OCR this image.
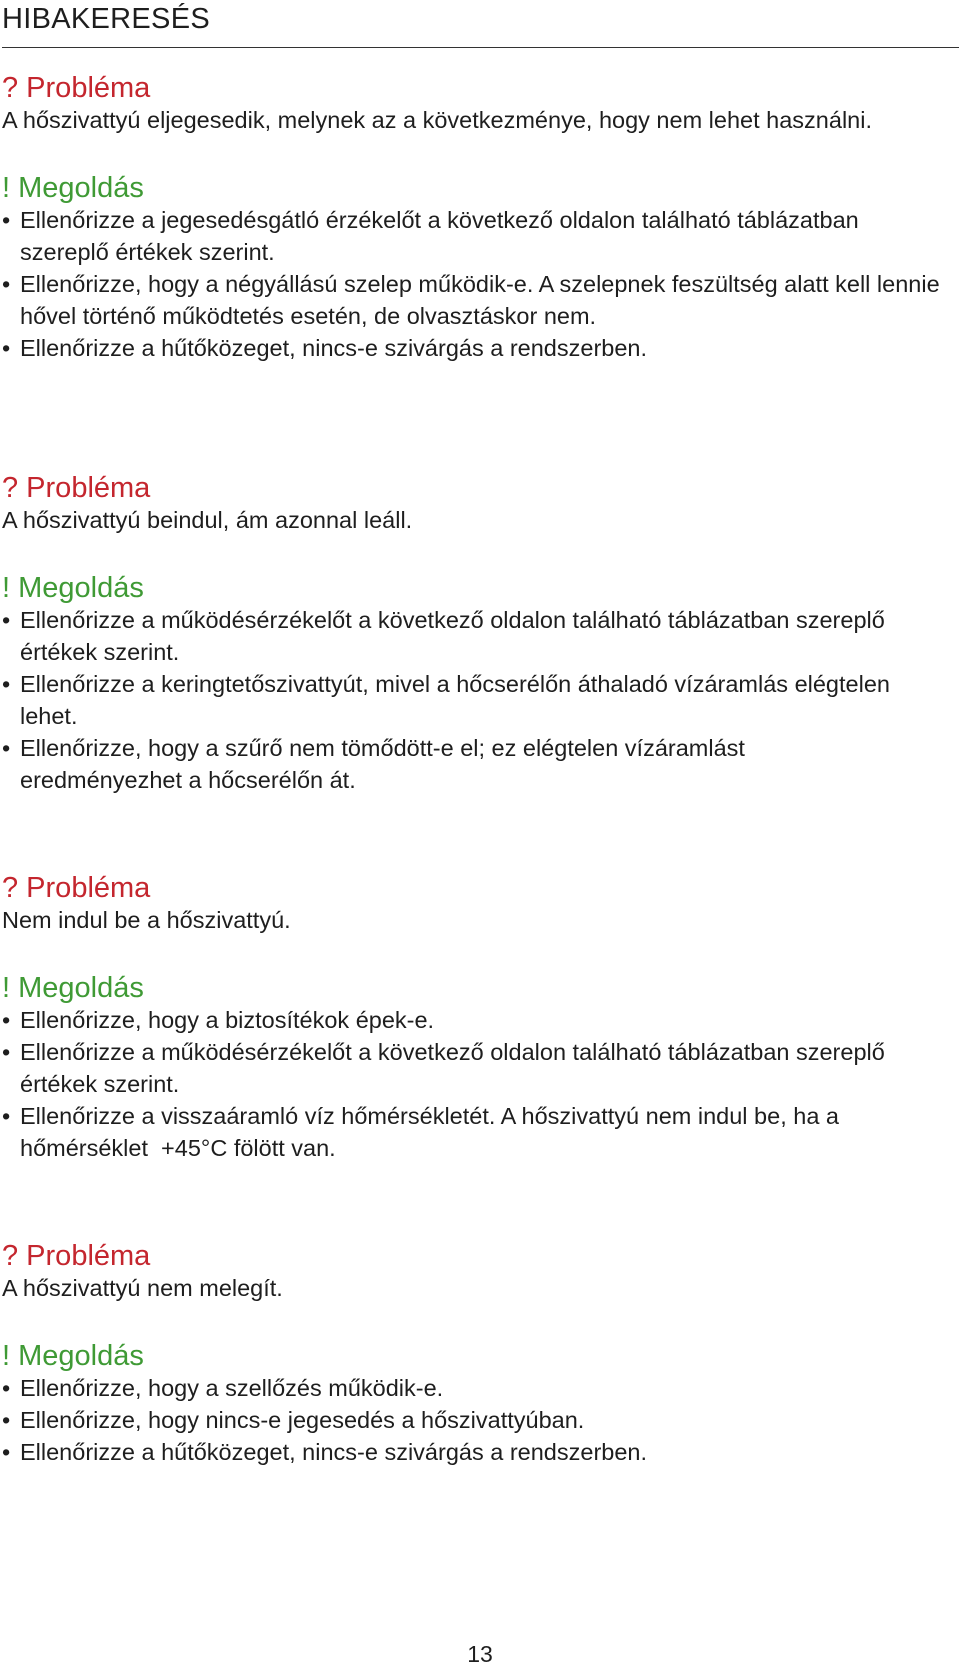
HIBAKERESÉS
? Probléma
A hőszivattyú eljegesedik, melynek az a következménye, hogy nem lehet használni.
! Megoldás
• Ellenőrizze a jegesedésgátló érzékelőt a következő oldalon található táblázatban szereplő értékek szerint.
• Ellenőrizze, hogy a négyállású szelep működik-e. A szelepnek feszültség alatt kell lennie hővel történő működtetés esetén, de olvasztáskor nem.
• Ellenőrizze a hűtőközeget, nincs-e szivárgás a rendszerben.
? Probléma
A hőszivattyú beindul, ám azonnal leáll.
! Megoldás
• Ellenőrizze a működésérzékelőt a következő oldalon található táblázatban szereplő értékek szerint.
• Ellenőrizze a keringtetőszivattyút, mivel a hőcserélőn áthaladó vízáramlás elégtelen lehet.
• Ellenőrizze, hogy a szűrő nem tömődött-e el; ez elégtelen vízáramlást eredményezhet a hőcserélőn át.
? Probléma
Nem indul be a hőszivattyú.
! Megoldás
• Ellenőrizze, hogy a biztosítékok épek-e.
• Ellenőrizze a működésérzékelőt a következő oldalon található táblázatban szereplő értékek szerint.
• Ellenőrizze a visszaáramló víz hőmérsékletét. A hőszivattyú nem indul be, ha a hőmérséklet  +45°C fölött van.
? Probléma
A hőszivattyú nem melegít.
! Megoldás
• Ellenőrizze, hogy a szellőzés működik-e.
• Ellenőrizze, hogy nincs-e jegesedés a hőszivattyúban.
• Ellenőrizze a hűtőközeget, nincs-e szivárgás a rendszerben.
13
